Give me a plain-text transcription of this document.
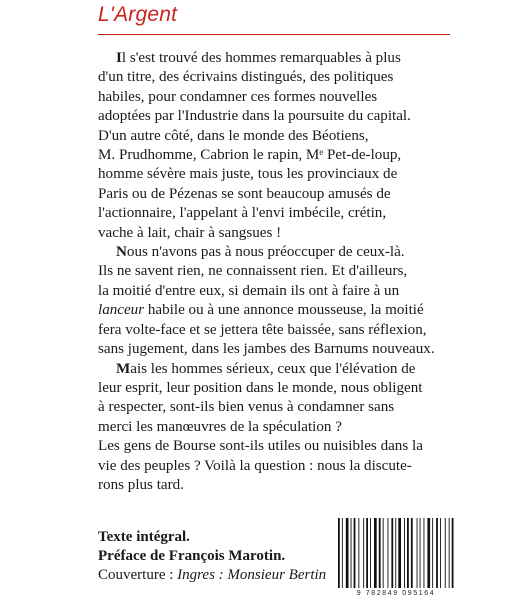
L'Argent

Il s'est trouvé des hommes remarquables à plus
d'un titre, des écrivains distingués, des politiques
habiles, pour condamner ces formes nouvelles
adoptées par l'Industrie dans la poursuite du capital.
D'un autre côté, dans le monde des Béotiens,
M. Prudhomme, Cabrion le rapin, Mᵉ Pet-de-loup,
homme sévère mais juste, tous les provinciaux de
Paris ou de Pézenas se sont beaucoup amusés de
l'actionnaire, l'appelant à l'envi imbécile, crétin,
vache à lait, chair à sangsues !

Nous n'avons pas à nous préoccuper de ceux-là.
Ils ne savent rien, ne connaissent rien. Et d'ailleurs,
la moitié d'entre eux, si demain ils ont à faire à un
lanceur habile ou à une annonce mousseuse, la moitié
fera volte-face et se jettera tête baissée, sans réflexion,
sans jugement, dans les jambes des Barnums nouveaux.

Mais les hommes sérieux, ceux que l'élévation de
leur esprit, leur position dans le monde, nous obligent
à respecter, sont-ils bien venus à condamner sans
merci les manœuvres de la spéculation ?
Les gens de Bourse sont-ils utiles ou nuisibles dans la
vie des peuples ? Voilà la question : nous la discute-
rons plus tard.

Texte intégral.
Préface de François Marotin.
Couverture : Ingres : Monsieur Bertin
9 782849 095164
